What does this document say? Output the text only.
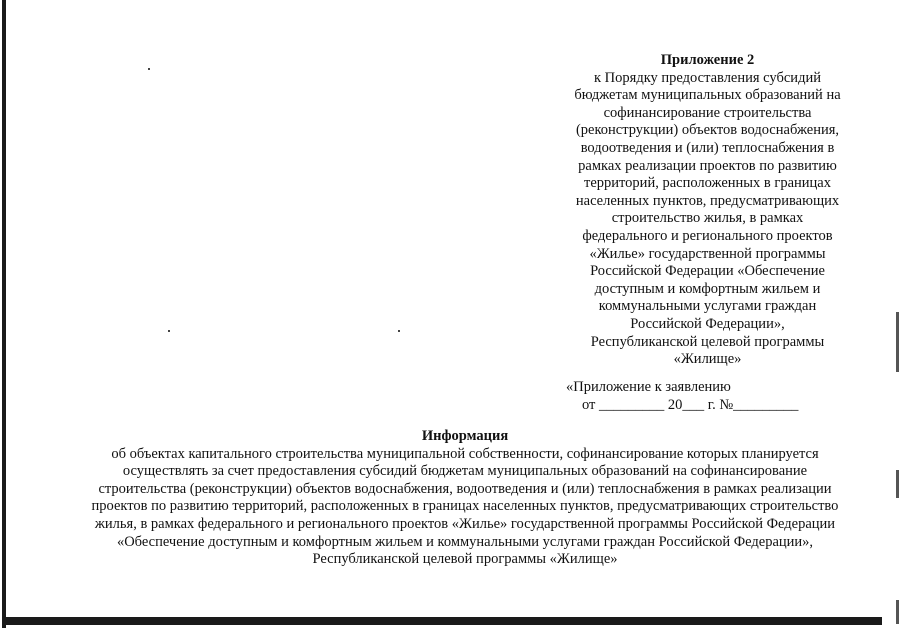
Приложение 2
к Порядку предоставления субсидий
бюджетам муниципальных образований на
софинансирование строительства
(реконструкции) объектов водоснабжения,
водоотведения и (или) теплоснабжения в
рамках реализации проектов по развитию
территорий, расположенных в границах
населенных пунктов, предусматривающих
строительство жилья, в рамках
федерального и регионального проектов
«Жилье» государственной программы
Российской Федерации «Обеспечение
доступным и комфортным жильем и
коммунальными услугами граждан
Российской Федерации»,
Республиканской целевой программы
«Жилище»
«Приложение к заявлению
от _________ 20___ г. №_________
Информация
об объектах капитального строительства муниципальной собственности, софинансирование которых планируется
осуществлять за счет предоставления субсидий бюджетам муниципальных образований на софинансирование
строительства (реконструкции) объектов водоснабжения, водоотведения и (или) теплоснабжения в рамках реализации
проектов по развитию территорий, расположенных в границах населенных пунктов, предусматривающих строительство
жилья, в рамках федерального и регионального проектов «Жилье» государственной программы Российской Федерации
«Обеспечение доступным и комфортным жильем и коммунальными услугами граждан Российской Федерации»,
Республиканской целевой программы «Жилище»
